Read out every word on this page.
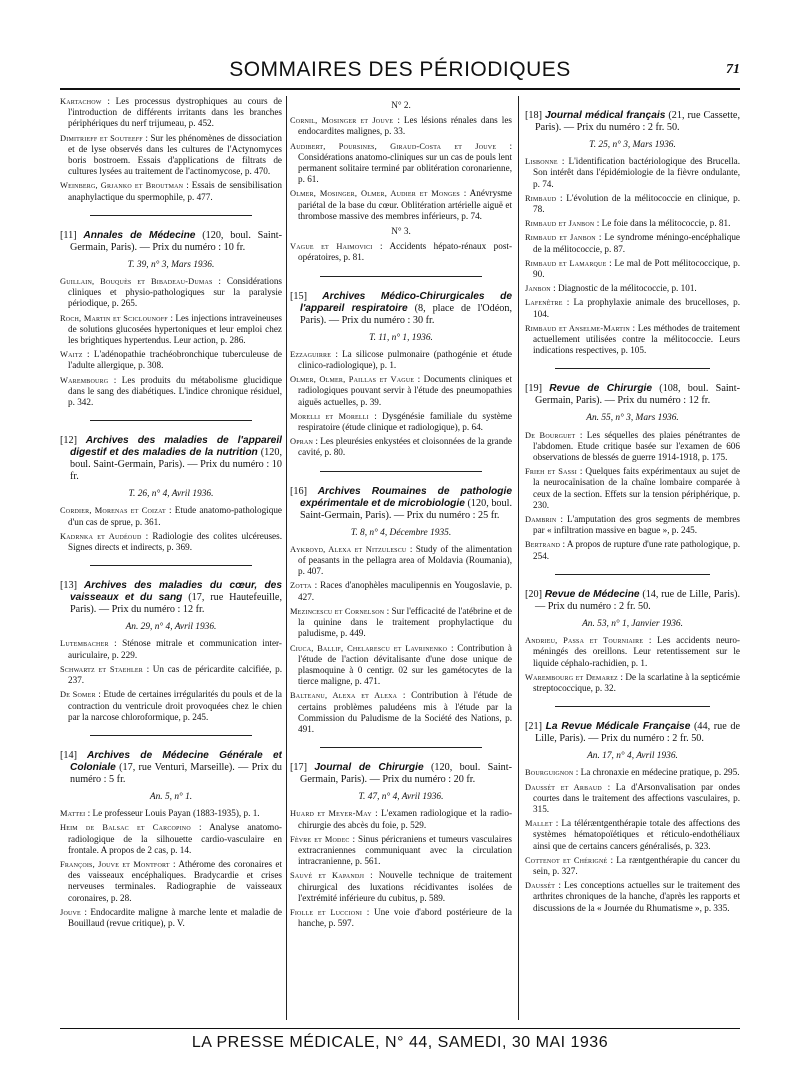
SOMMAIRES DES PÉRIODIQUES	71

Kartachow : Les processus dystrophiques au cours de l'introduction de différents irritants dans les branches périphériques du nerf trijumeau, p. 452.

Dimitrieff et Souteeff : Sur les phénomènes de dissociation et de lyse observés dans les cultures de l'Actynomyces boris bostroem. Essais d'applications de filtrats de cultures lysées au traitement de l'actinomycose, p. 470.

Weinberg, Grjanko et Broutman : Essais de sensibilisation anaphylactique du spermophile, p. 477.

[11] Annales de Médecine (120, boul. Saint-Germain, Paris). — Prix du numéro : 10 fr.
T. 39, n° 3, Mars 1936.

Guillain, Bouquès et Bibadeau-Dumas : Considérations cliniques et physio-pathologiques sur la paralysie périodique, p. 265.

Roch, Martin et Sciclounoff : Les injections intraveineuses de solutions glucosées hypertoniques et leur emploi chez les brightiques hypertendus. Leur action, p. 286.

Waitz : L'adénopathie trachéobronchique tuberculeuse de l'adulte allergique, p. 308.

Warembourg : Les produits du métabolisme glucidique dans le sang des diabétiques. L'indice chronique résiduel, p. 342.

[12] Archives des maladies de l'appareil digestif et des maladies de la nutrition (120, boul. Saint-Germain, Paris). — Prix du numéro : 10 fr.
T. 26, n° 4, Avril 1936.

Cordier, Morenas et Coizat : Etude anatomo-pathologique d'un cas de sprue, p. 361.

Kadrnka et Audéoud : Radiologie des colites ulcéreuses. Signes directs et indirects, p. 369.

[13] Archives des maladies du cœur, des vaisseaux et du sang (17, rue Hautefeuille, Paris). — Prix du numéro : 12 fr.
An. 29, n° 4, Avril 1936.

Lutembacher : Sténose mitrale et communication inter-auriculaire, p. 229.

Schwartz et Staehler : Un cas de péricardite calcifiée, p. 237.

De Somer : Etude de certaines irrégularités du pouls et de la contraction du ventricule droit provoquées chez le chien par la narcose chloroformique, p. 245.

[14] Archives de Médecine Générale et Coloniale (17, rue Venturi, Marseille). — Prix du numéro : 5 fr.
An. 5, n° 1.

Mattei : Le professeur Louis Payan (1883-1935), p. 1.

Heim de Balsac et Carcopino : Analyse anatomo-radiologique de la silhouette cardio-vasculaire en frontale. A propos de 2 cas, p. 14.

François, Jouve et Montfort : Athérome des coronaires et des vaisseaux encéphaliques. Bradycardie et crises nerveuses terminales. Radiographie de vaisseaux coronaires, p. 28.

Jouve : Endocardite maligne à marche lente et maladie de Bouillaud (revue critique), p. V.

N° 2.

Cornil, Mosinger et Jouve : Les lésions rénales dans les endocardites malignes, p. 33.

Audibert, Poursines, Giraud-Costa et Jouve : Considérations anatomo-cliniques sur un cas de pouls lent permanent solitaire terminé par oblitération coronarienne, p. 61.

Olmer, Mosinger, Olmer, Audier et Monges : Anévrysme pariétal de la base du cœur. Oblitération artérielle aiguë et thrombose massive des membres inférieurs, p. 74.

N° 3.

Vague et Haimovici : Accidents hépato-rénaux post-opératoires, p. 81.

[15] Archives Médico-Chirurgicales de l'appareil respiratoire (8, place de l'Odéon, Paris). — Prix du numéro : 30 fr.
T. 11, n° 1, 1936.

Ezzaguirre : La silicose pulmonaire (pathogénie et étude clinico-radiologique), p. 1.

Olmer, Olmer, Paillas et Vague : Documents cliniques et radiologiques pouvant servir à l'étude des pneumopathies aiguës actuelles, p. 39.

Morelli et Morelli : Dysgénésie familiale du système respiratoire (étude clinique et radiologique), p. 64.

Opran : Les pleurésies enkystées et cloisonnées de la grande cavité, p. 80.

[16] Archives Roumaines de pathologie expérimentale et de microbiologie (120, boul. Saint-Germain, Paris). — Prix du numéro : 25 fr.
T. 8, n° 4, Décembre 1935.

Aykroyd, Alexa et Nitzulescu : Study of the alimentation of peasants in the pellagra area of Moldavia (Roumania), p. 407.

Zotta : Races d'anophèles maculipennis en Yougoslavie, p. 427.

Mezincescu et Cornelson : Sur l'efficacité de l'atébrine et de la quinine dans le traitement prophylactique du paludisme, p. 449.

Ciuca, Ballif, Chelarescu et Lavrinenko : Contribution à l'étude de l'action dévitalisante d'une dose unique de plasmoquine à 0 centigr. 02 sur les gamétocytes de la tierce maligne, p. 471.

Balteanu, Alexa et Alexa : Contribution à l'étude de certains problèmes paludéens mis à l'étude par la Commission du Paludisme de la Société des Nations, p. 491.

[17] Journal de Chirurgie (120, boul. Saint-Germain, Paris). — Prix du numéro : 20 fr.
T. 47, n° 4, Avril 1936.

Huard et Meyer-May : L'examen radiologique et la radio-chirurgie des abcès du foie, p. 529.

Fèvre et Modec : Sinus péricraniens et tumeurs vasculaires extracraniennes communiquant avec la circulation intracranienne, p. 561.

Sauvé et Kapandji : Nouvelle technique de traitement chirurgical des luxations récidivantes isolées de l'extrémité inférieure du cubitus, p. 589.

Fiolle et Luccioni : Une voie d'abord postérieure de la hanche, p. 597.

[18] Journal médical français (21, rue Cassette, Paris). — Prix du numéro : 2 fr. 50.
T. 25, n° 3, Mars 1936.

Lisbonne : L'identification bactériologique des Brucella. Son intérêt dans l'épidémiologie de la fièvre ondulante, p. 74.

Rimbaud : L'évolution de la mélitococcie en clinique, p. 78.

Rimbaud et Janbon : Le foie dans la mélitococcie, p. 81.

Rimbaud et Janbon : Le syndrome méningo-encéphalique de la mélitococcie, p. 87.

Rimbaud et Lamarque : Le mal de Pott mélitococcique, p. 90.

Janbon : Diagnostic de la mélitococcie, p. 101.

Lafenêtre : La prophylaxie animale des brucelloses, p. 104.

Rimbaud et Anselme-Martin : Les méthodes de traitement actuellement utilisées contre la mélitococcie. Leurs indications respectives, p. 105.

[19] Revue de Chirurgie (108, boul. Saint-Germain, Paris). — Prix du numéro : 12 fr.
An. 55, n° 3, Mars 1936.

De Bourguet : Les séquelles des plaies pénétrantes de l'abdomen. Etude critique basée sur l'examen de 606 observations de blessés de guerre 1914-1918, p. 175.

Frieh et Sassi : Quelques faits expérimentaux au sujet de la neurocaïnisation de la chaîne lombaire comparée à ceux de la section. Effets sur la tension périphérique, p. 230.

Dambrin : L'amputation des gros segments de membres par « infiltration massive en bague », p. 245.

Bertrand : A propos de rupture d'une rate pathologique, p. 254.

[20] Revue de Médecine (14, rue de Lille, Paris). — Prix du numéro : 2 fr. 50.
An. 53, n° 1, Janvier 1936.

Andrieu, Passa et Tourniaire : Les accidents neuro-méningés des oreillons. Leur retentissement sur le liquide céphalo-rachidien, p. 1.

Warembourg et Demarez : De la scarlatine à la septicémie streptococcique, p. 32.

[21] La Revue Médicale Française (44, rue de Lille, Paris). — Prix du numéro : 2 fr. 50.
An. 17, n° 4, Avril 1936.

Bourguignon : La chronaxie en médecine pratique, p. 295.

Daussét et Arbaud : La d'Arsonvalisation par ondes courtes dans le traitement des affections vasculaires, p. 315.

Mallet : La téléræntgenthérapie totale des affections des systèmes hématopoïétiques et réticulo-endothéliaux ainsi que de certains cancers généralisés, p. 323.

Cottenot et Chérigné : La ræntgenthérapie du cancer du sein, p. 327.

Daussét : Les conceptions actuelles sur le traitement des arthrites chroniques de la hanche, d'après les rapports et discussions de la « Journée du Rhumatisme », p. 335.

LA PRESSE MÉDICALE, N° 44, SAMEDI, 30 MAI 1936
